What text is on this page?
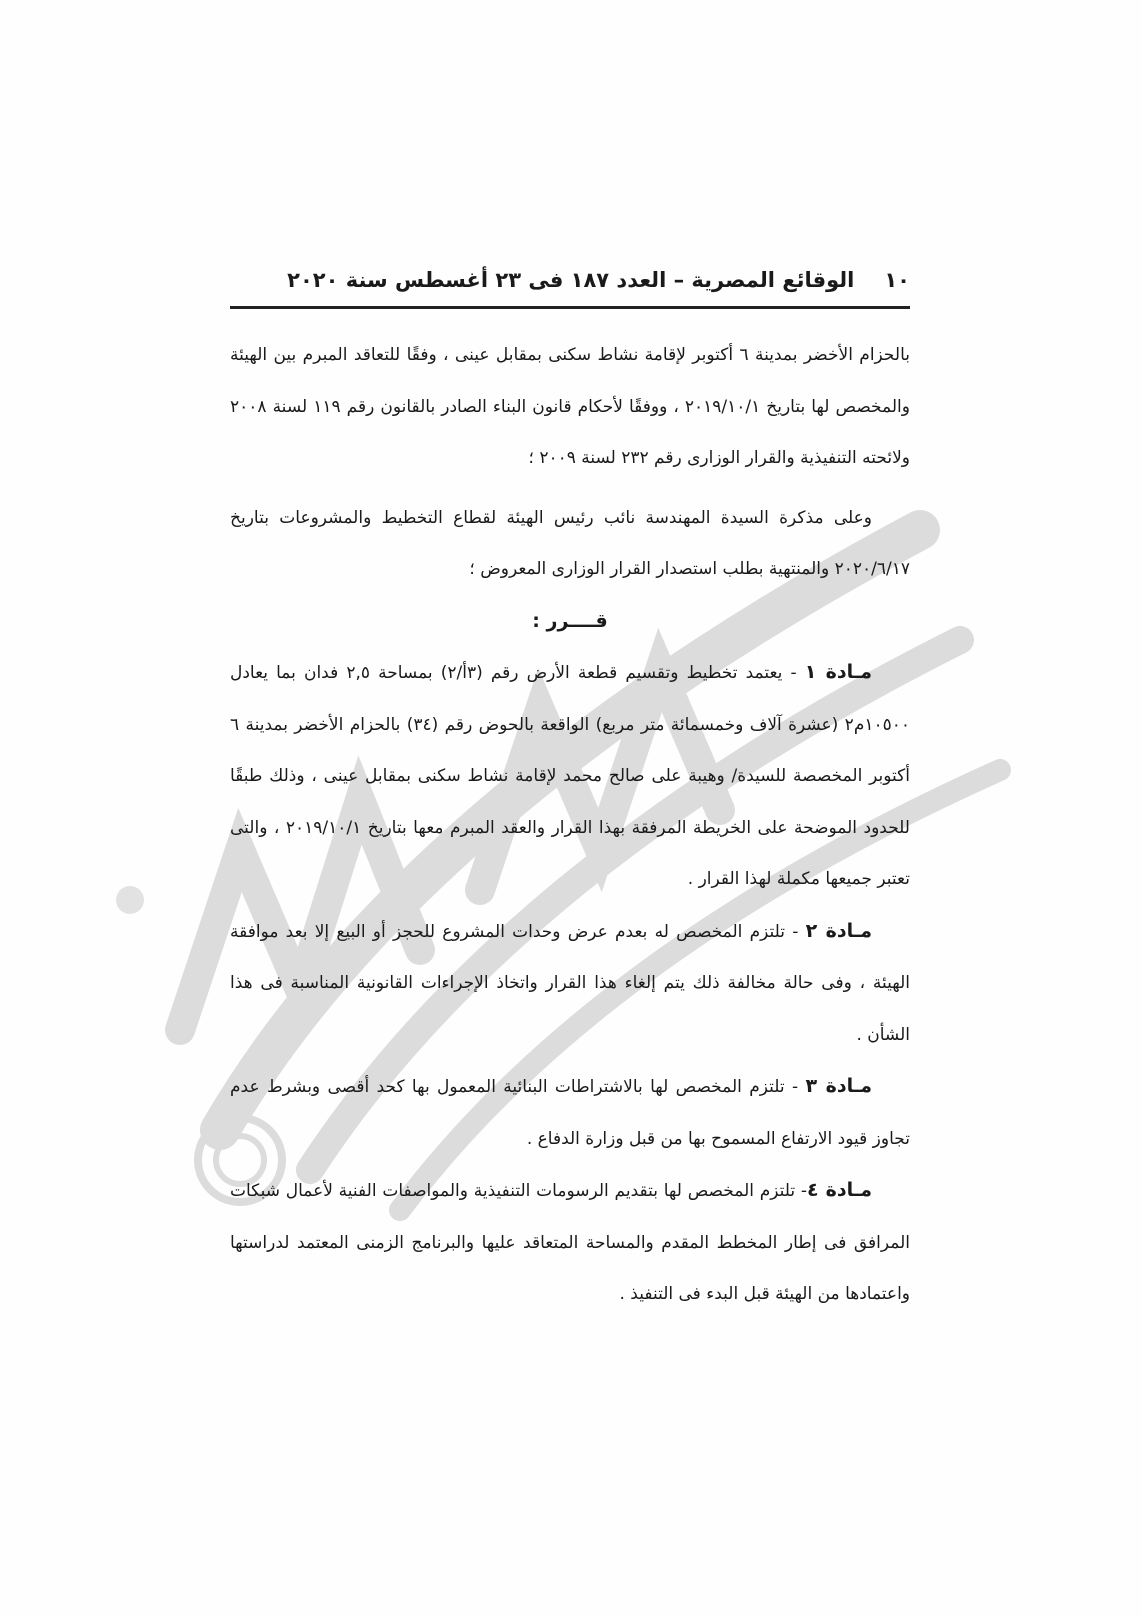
١٠
الوقائع المصرية – العدد ١٨٧ فى ٢٣ أغسطس سنة ٢٠٢٠

بالحزام الأخضر بمدينة ٦ أكتوبر لإقامة نشاط سكنى بمقابل عينى ، وفقًا للتعاقد المبرم بين الهيئة والمخصص لها بتاريخ ٢٠١٩/١٠/١ ، ووفقًا لأحكام قانون البناء الصادر بالقانون رقم ١١٩ لسنة ٢٠٠٨ ولائحته التنفيذية والقرار الوزارى رقم ٢٣٢ لسنة ٢٠٠٩ ؛

وعلى مذكرة السيدة المهندسة نائب رئيس الهيئة لقطاع التخطيط والمشروعات بتاريخ ٢٠٢٠/٦/١٧ والمنتهية بطلب استصدار القرار الوزارى المعروض ؛

قــــرر :

مـادة ١ - يعتمد تخطيط وتقسيم قطعة الأرض رقم (٣أ/٢) بمساحة ٢,٥ فدان بما يعادل ١٠٥٠٠م٢ (عشرة آلاف وخمسمائة متر مربع) الواقعة بالحوض رقم (٣٤) بالحزام الأخضر بمدينة ٦ أكتوبر المخصصة للسيدة/ وهيبة على صالح محمد لإقامة نشاط سكنى بمقابل عينى ، وذلك طبقًا للحدود الموضحة على الخريطة المرفقة بهذا القرار والعقد المبرم معها بتاريخ ٢٠١٩/١٠/١ ، والتى تعتبر جميعها مكملة لهذا القرار .

مـادة ٢ - تلتزم المخصص له بعدم عرض وحدات المشروع للحجز أو البيع إلا بعد موافقة الهيئة ، وفى حالة مخالفة ذلك يتم إلغاء هذا القرار واتخاذ الإجراءات القانونية المناسبة فى هذا الشأن .

مـادة ٣ - تلتزم المخصص لها بالاشتراطات البنائية المعمول بها كحد أقصى وبشرط عدم تجاوز قيود الارتفاع المسموح بها من قبل وزارة الدفاع .

مـادة ٤- تلتزم المخصص لها بتقديم الرسومات التنفيذية والمواصفات الفنية لأعمال شبكات المرافق فى إطار المخطط المقدم والمساحة المتعاقد عليها والبرنامج الزمنى المعتمد لدراستها واعتمادها من الهيئة قبل البدء فى التنفيذ .
